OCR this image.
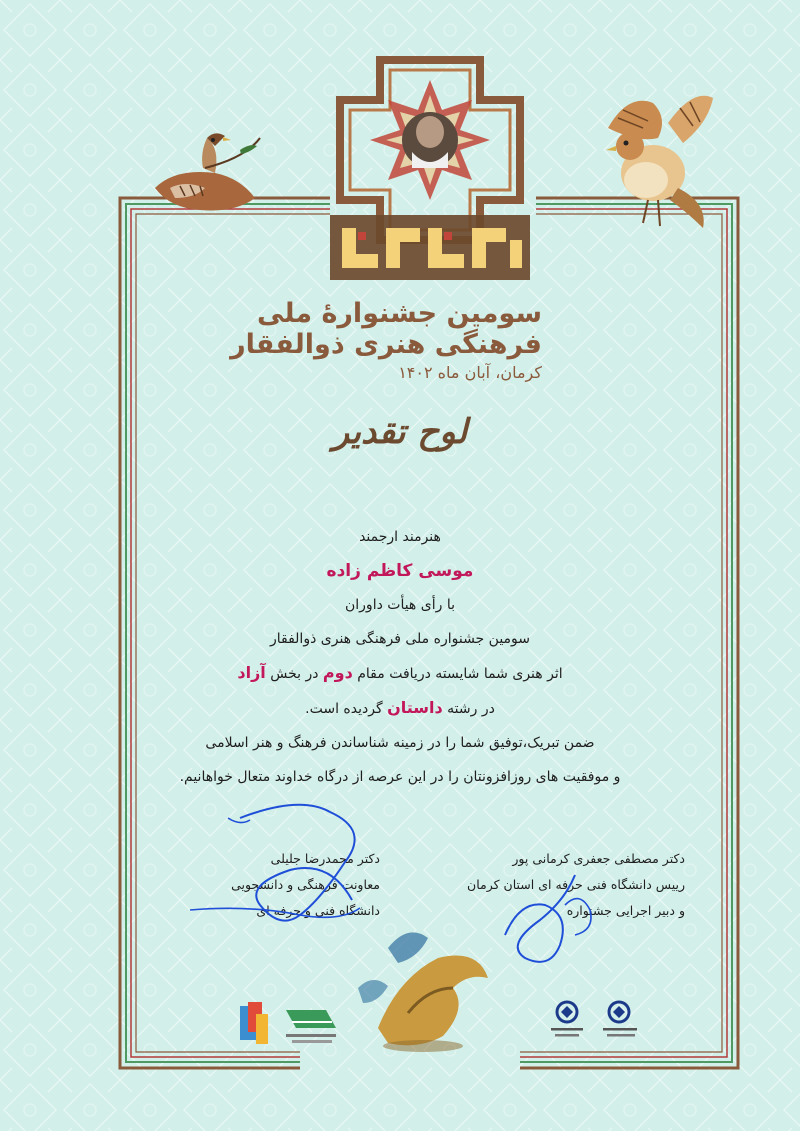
سومین جشنوارهٔ ملی
فرهنگی هنری ذوالفقار
کرمان، آبان ماه ۱۴۰۲
لوح تقدیر
هنرمند ارجمند
موسی کاظم زاده
با رأی هیأت داوران
سومین جشنواره ملی فرهنگی هنری ذوالفقار
اثر هنری شما شایسته دریافت مقام دوم در بخش آزاد
در رشته داستان گردیده است.
ضمن تبریک،توفیق شما را در زمینه شناساندن فرهنگ و هنر اسلامی
و موفقیت های روزافزونتان را در این عرصه از درگاه خداوند متعال خواهانیم.
دکتر محمدرضا جلیلی
معاونت فرهنگی و دانشجویی
دانشگاه فنی و حرفه ای
دکتر مصطفی جعفری کرمانی پور
رییس دانشگاه فنی حرفه ای استان کرمان
و دبیر اجرایی جشنواره
